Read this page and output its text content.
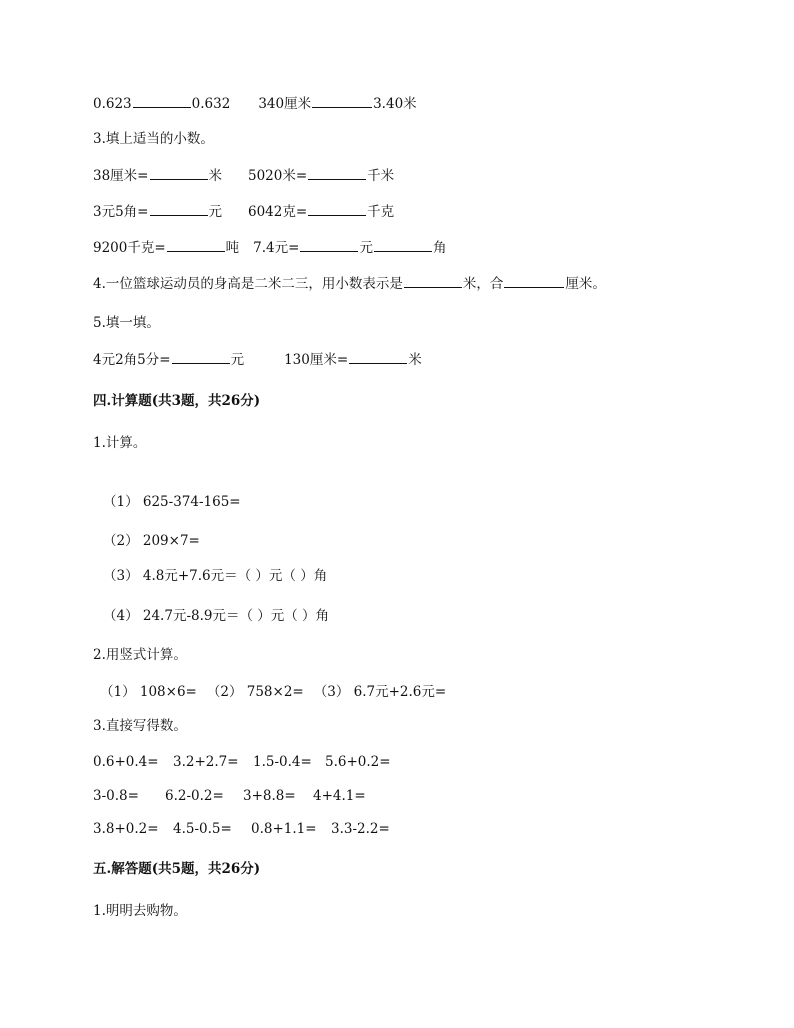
0.623	0.632 340厘米	3.40米
3.填上适当的小数。
38厘米=	米 5020米=	千米
3元5角=	元 6042克=	千克
9200千克=	吨 7.4元=	元	角
4.一位篮球运动员的身高是二米二三，用小数表示是	米，合	厘米。
5.填一填。
4元2角5分=	元	130厘米=	米
四.计算题(共3题，共26分)
1.计算。
（1） 625-374-165=
（2） 209×7=
（3） 4.8元+7.6元＝（ ）元（ ）角
（4） 24.7元-8.9元＝（ ）元（ ）角
2.用竖式计算。
（1） 108×6= （2） 758×2= （3） 6.7元+2.6元=
3.直接写得数。
0.6+0.4= 3.2+2.7= 1.5-0.4= 5.6+0.2=
3-0.8= 6.2-0.2= 3+8.8= 4+4.1=
3.8+0.2= 4.5-0.5= 0.8+1.1= 3.3-2.2=
五.解答题(共5题，共26分)
1.明明去购物。
